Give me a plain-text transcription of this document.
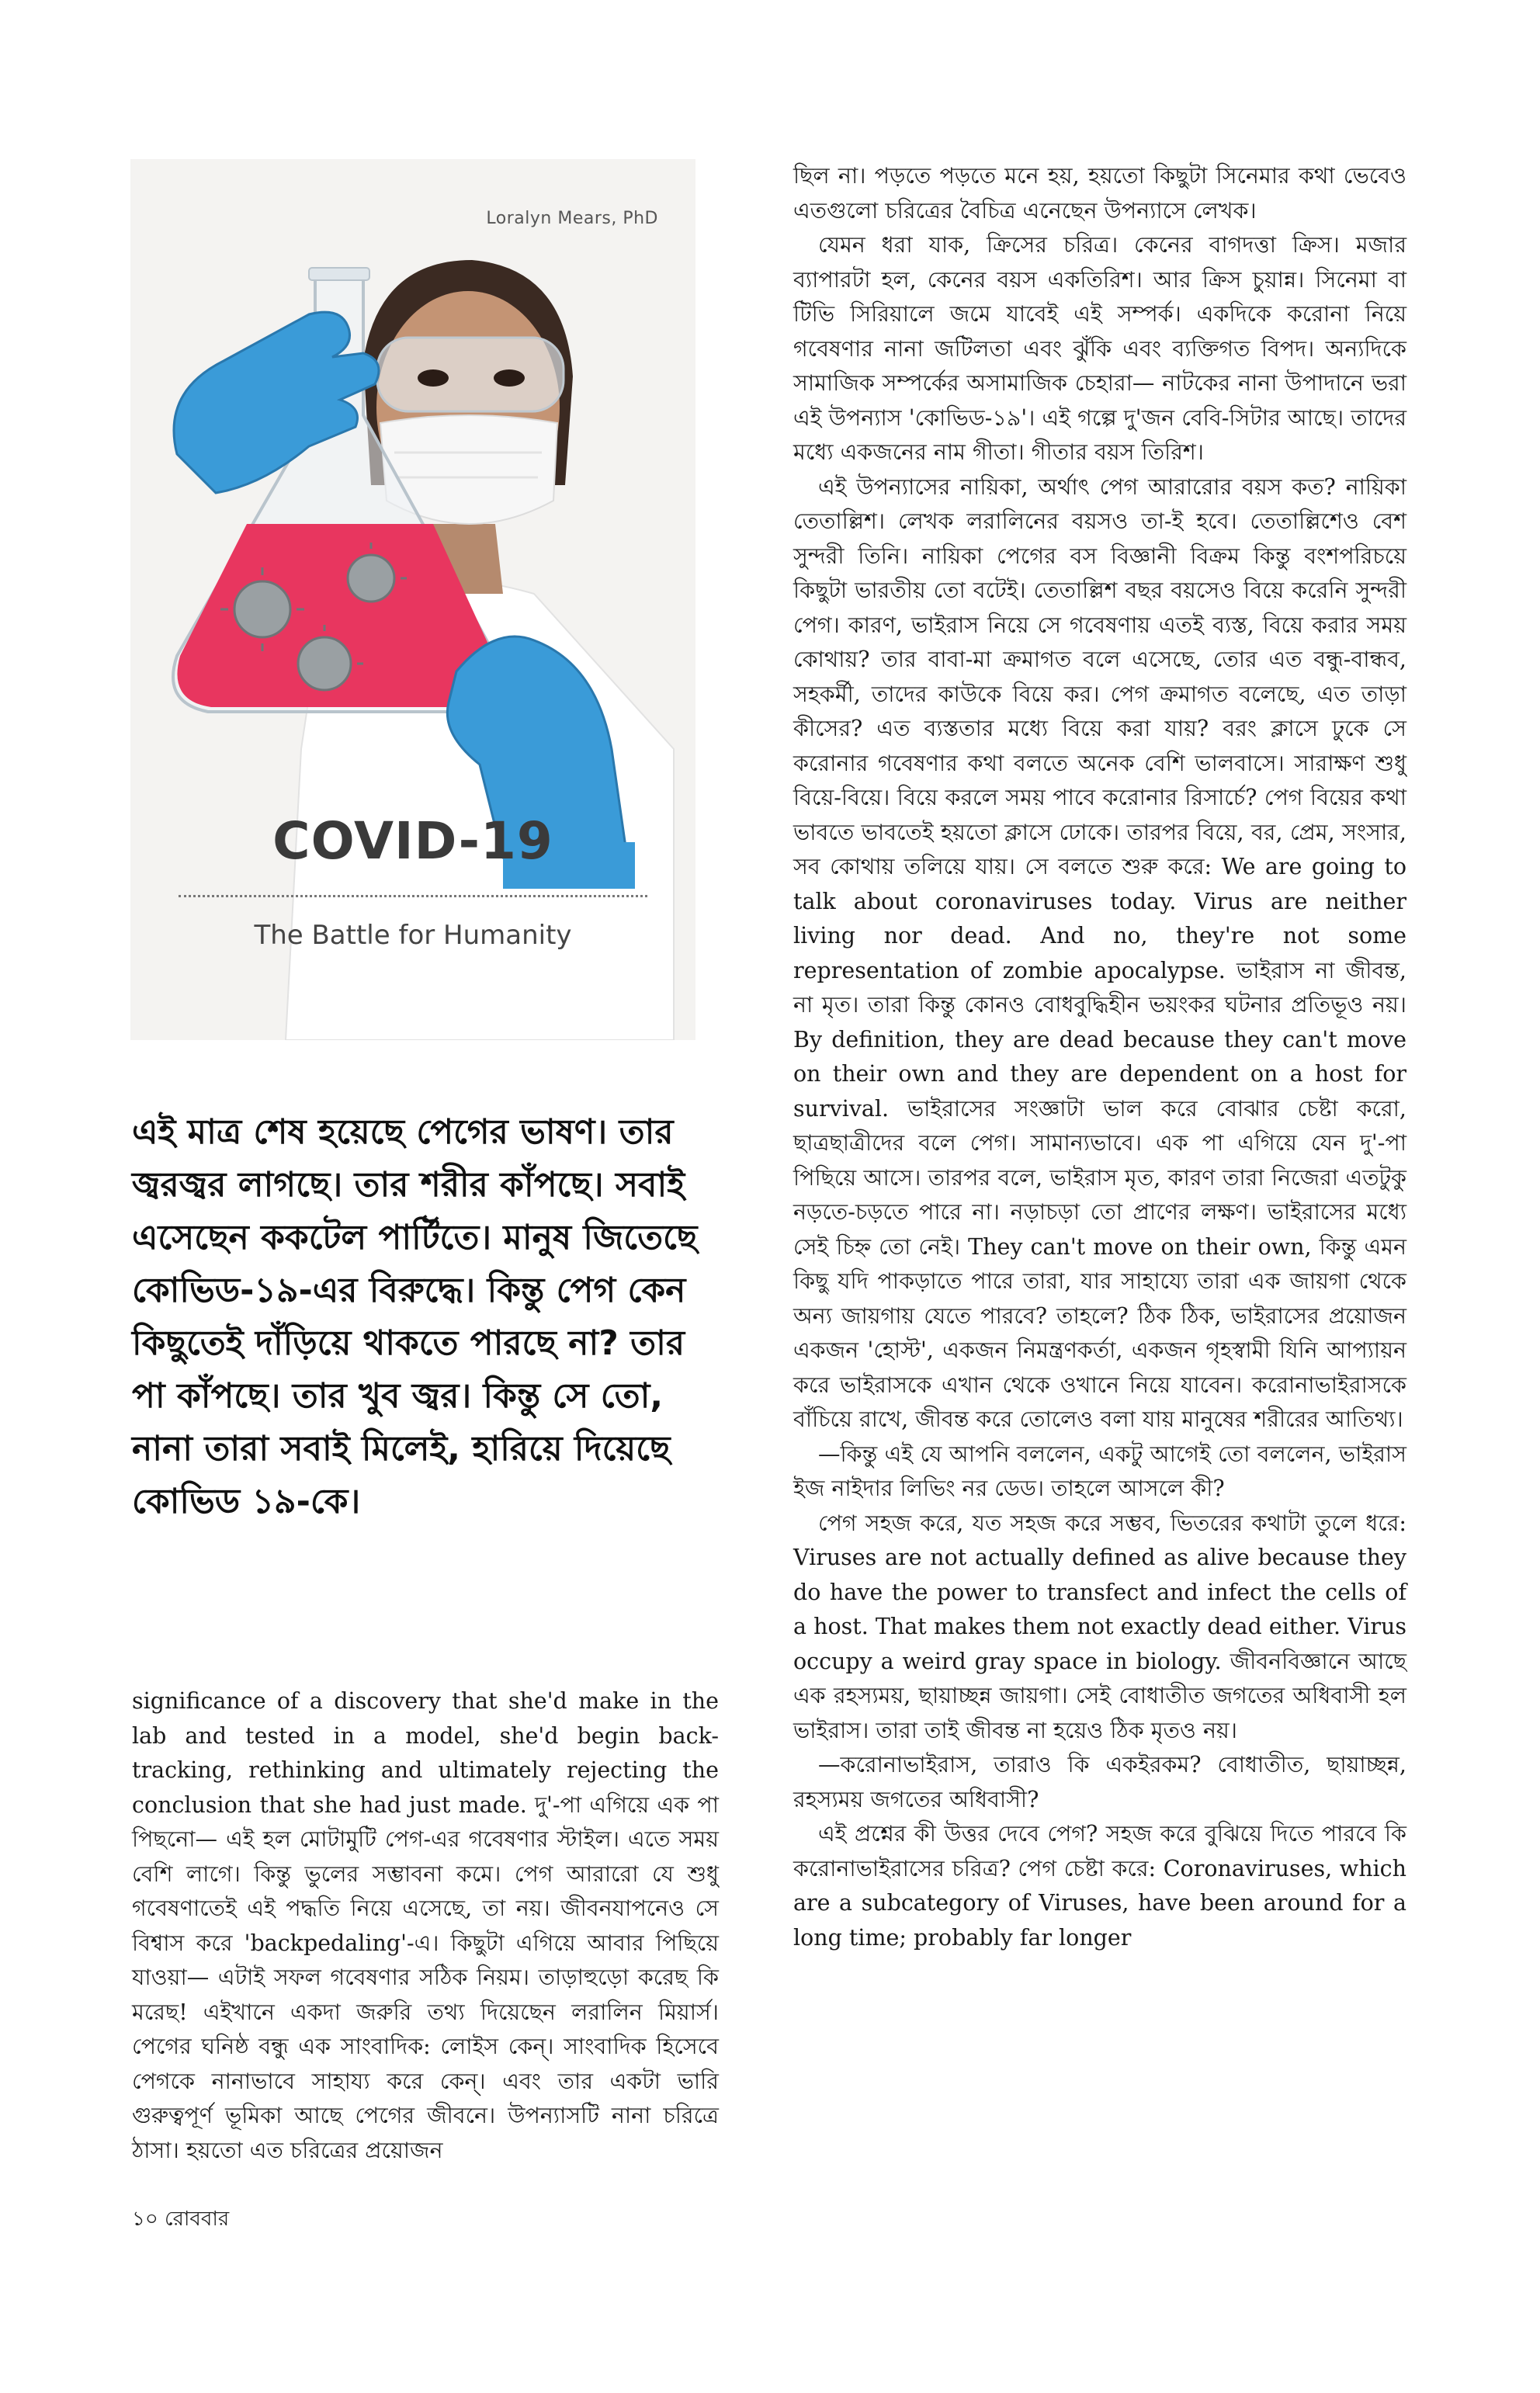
Loralyn Mears, PhD
COVID-19
The Battle for Humanity
এই মাত্র শেষ হয়েছে পেগের ভাষণ। তার জ্বরজ্বর লাগছে। তার শরীর কাঁপছে। সবাই এসেছেন ককটেল পার্টিতে। মানুষ জিতেছে কোভিড-১৯-এর বিরুদ্ধে। কিন্তু পেগ কেন কিছুতেই দাঁড়িয়ে থাকতে পারছে না? তার পা কাঁপছে। তার খুব জ্বর। কিন্তু সে তো, নানা তারা সবাই মিলেই, হারিয়ে দিয়েছে কোভিড ১৯-কে।

significance of a discovery that she'd make in the lab and tested in a model, she'd begin back-tracking, rethinking and ultimately rejecting the conclusion that she had just made. দু'-পা এগিয়ে এক পা পিছনো— এই হল মোটামুটি পেগ-এর গবেষণার স্টাইল। এতে সময় বেশি লাগে। কিন্তু ভুলের সম্ভাবনা কমে। পেগ আরারো যে শুধু গবেষণাতেই এই পদ্ধতি নিয়ে এসেছে, তা নয়। জীবনযাপনেও সে বিশ্বাস করে 'backpedaling'-এ। কিছুটা এগিয়ে আবার পিছিয়ে যাওয়া— এটাই সফল গবেষণার সঠিক নিয়ম। তাড়াহুড়ো করেছ কি মরেছ! এইখানে একদা জরুরি তথ্য দিয়েছেন লরালিন মিয়ার্স। পেগের ঘনিষ্ঠ বন্ধু এক সাংবাদিক: লোইস কেন্। সাংবাদিক হিসেবে পেগকে নানাভাবে সাহায্য করে কেন্। এবং তার একটা ভারি গুরুত্বপূর্ণ ভূমিকা আছে পেগের জীবনে। উপন্যাসটি নানা চরিত্রে ঠাসা। হয়তো এত চরিত্রের প্রয়োজন

ছিল না। পড়তে পড়তে মনে হয়, হয়তো কিছুটা সিনেমার কথা ভেবেও এতগুলো চরিত্রের বৈচিত্র এনেছেন উপন্যাসে লেখক।

যেমন ধরা যাক, ক্রিসের চরিত্র। কেনের বাগদত্তা ক্রিস। মজার ব্যাপারটা হল, কেনের বয়স একতিরিশ। আর ক্রিস চুয়ান্ন। সিনেমা বা টিভি সিরিয়ালে জমে যাবেই এই সম্পর্ক। একদিকে করোনা নিয়ে গবেষণার নানা জটিলতা এবং ঝুঁকি এবং ব্যক্তিগত বিপদ। অন্যদিকে সামাজিক সম্পর্কের অসামাজিক চেহারা— নাটকের নানা উপাদানে ভরা এই উপন্যাস 'কোভিড-১৯'। এই গল্পে দু'জন বেবি-সিটার আছে। তাদের মধ্যে একজনের নাম গীতা। গীতার বয়স তিরিশ।

এই উপন্যাসের নায়িকা, অর্থাৎ পেগ আরারোর বয়স কত? নায়িকা তেতাল্লিশ। লেখক লরালিনের বয়সও তা-ই হবে। তেতাল্লিশেও বেশ সুন্দরী তিনি। নায়িকা পেগের বস বিজ্ঞানী বিক্রম কিন্তু বংশপরিচয়ে কিছুটা ভারতীয় তো বটেই। তেতাল্লিশ বছর বয়সেও বিয়ে করেনি সুন্দরী পেগ। কারণ, ভাইরাস নিয়ে সে গবেষণায় এতই ব্যস্ত, বিয়ে করার সময় কোথায়? তার বাবা-মা ক্রমাগত বলে এসেছে, তোর এত বন্ধু-বান্ধব, সহকর্মী, তাদের কাউকে বিয়ে কর। পেগ ক্রমাগত বলেছে, এত তাড়া কীসের? এত ব্যস্ততার মধ্যে বিয়ে করা যায়? বরং ক্লাসে ঢুকে সে করোনার গবেষণার কথা বলতে অনেক বেশি ভালবাসে। সারাক্ষণ শুধু বিয়ে-বিয়ে। বিয়ে করলে সময় পাবে করোনার রিসার্চে? পেগ বিয়ের কথা ভাবতে ভাবতেই হয়তো ক্লাসে ঢোকে। তারপর বিয়ে, বর, প্রেম, সংসার, সব কোথায় তলিয়ে যায়। সে বলতে শুরু করে: We are going to talk about coronaviruses today. Virus are neither living nor dead. And no, they're not some representation of zombie apocalypse. ভাইরাস না জীবন্ত, না মৃত। তারা কিন্তু কোনও বোধবুদ্ধিহীন ভয়ংকর ঘটনার প্রতিভূও নয়। By definition, they are dead because they can't move on their own and they are dependent on a host for survival. ভাইরাসের সংজ্ঞাটা ভাল করে বোঝার চেষ্টা করো, ছাত্রছাত্রীদের বলে পেগ। সামান্যভাবে। এক পা এগিয়ে যেন দু'-পা পিছিয়ে আসে। তারপর বলে, ভাইরাস মৃত, কারণ তারা নিজেরা এতটুকু নড়তে-চড়তে পারে না। নড়াচড়া তো প্রাণের লক্ষণ। ভাইরাসের মধ্যে সেই চিহ্ন তো নেই। They can't move on their own, কিন্তু এমন কিছু যদি পাকড়াতে পারে তারা, যার সাহায্যে তারা এক জায়গা থেকে অন্য জায়গায় যেতে পারবে? তাহলে? ঠিক ঠিক, ভাইরাসের প্রয়োজন একজন 'হোস্ট', একজন নিমন্ত্রণকর্তা, একজন গৃহস্বামী যিনি আপ্যায়ন করে ভাইরাসকে এখান থেকে ওখানে নিয়ে যাবেন। করোনাভাইরাসকে বাঁচিয়ে রাখে, জীবন্ত করে তোলেও বলা যায় মানুষের শরীরের আতিথ্য।

—কিন্তু এই যে আপনি বললেন, একটু আগেই তো বললেন, ভাইরাস ইজ নাইদার লিভিং নর ডেড। তাহলে আসলে কী?

পেগ সহজ করে, যত সহজ করে সম্ভব, ভিতরের কথাটা তুলে ধরে: Viruses are not actually defined as alive because they do have the power to transfect and infect the cells of a host. That makes them not exactly dead either. Virus occupy a weird gray space in biology. জীবনবিজ্ঞানে আছে এক রহস্যময়, ছায়াচ্ছন্ন জায়গা। সেই বোধাতীত জগতের অধিবাসী হল ভাইরাস। তারা তাই জীবন্ত না হয়েও ঠিক মৃতও নয়।

—করোনাভাইরাস, তারাও কি একইরকম? বোধাতীত, ছায়াচ্ছন্ন, রহস্যময় জগতের অধিবাসী?

এই প্রশ্নের কী উত্তর দেবে পেগ? সহজ করে বুঝিয়ে দিতে পারবে কি করোনাভাইরাসের চরিত্র? পেগ চেষ্টা করে: Coronaviruses, which are a subcategory of Viruses, have been around for a long time; probably far longer

১০ রোববার
